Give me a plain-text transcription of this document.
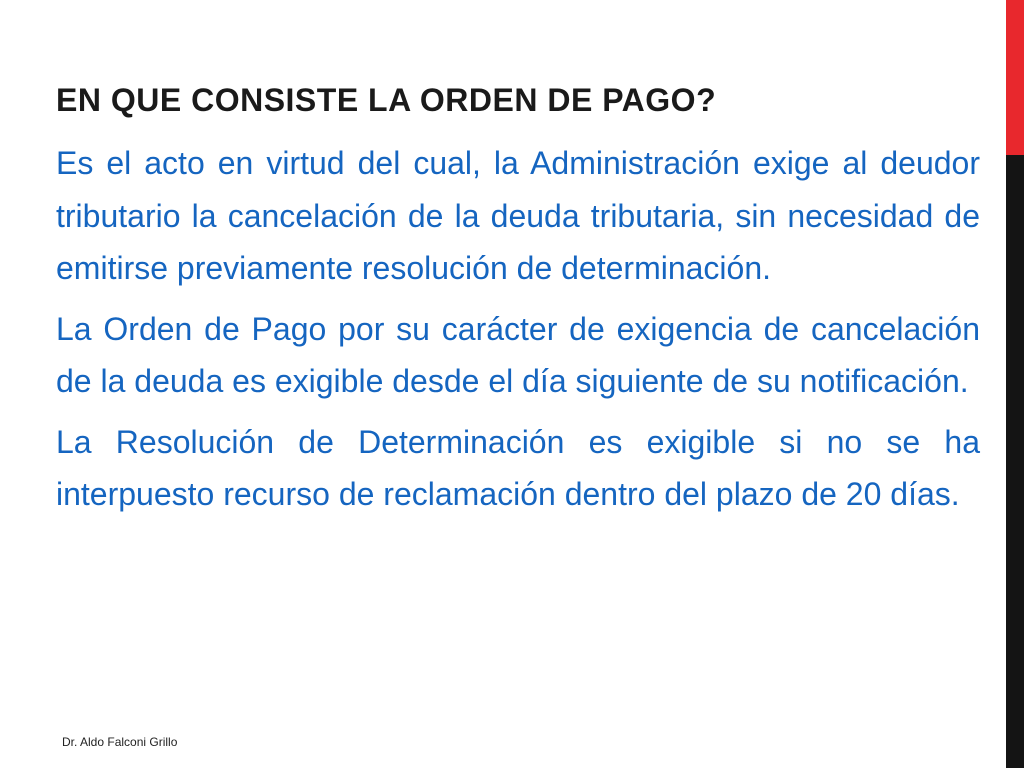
EN QUE CONSISTE LA ORDEN DE PAGO?

Es el acto en virtud del cual, la Administración exige al deudor tributario la cancelación de la deuda tributaria, sin necesidad de emitirse previamente resolución de determinación.

La Orden de Pago por su carácter de exigencia de cancelación de la deuda es exigible desde el día siguiente de su notificación.

La Resolución de Determinación es exigible si no se ha interpuesto recurso de reclamación dentro del plazo de 20 días.

Dr. Aldo Falconi Grillo
